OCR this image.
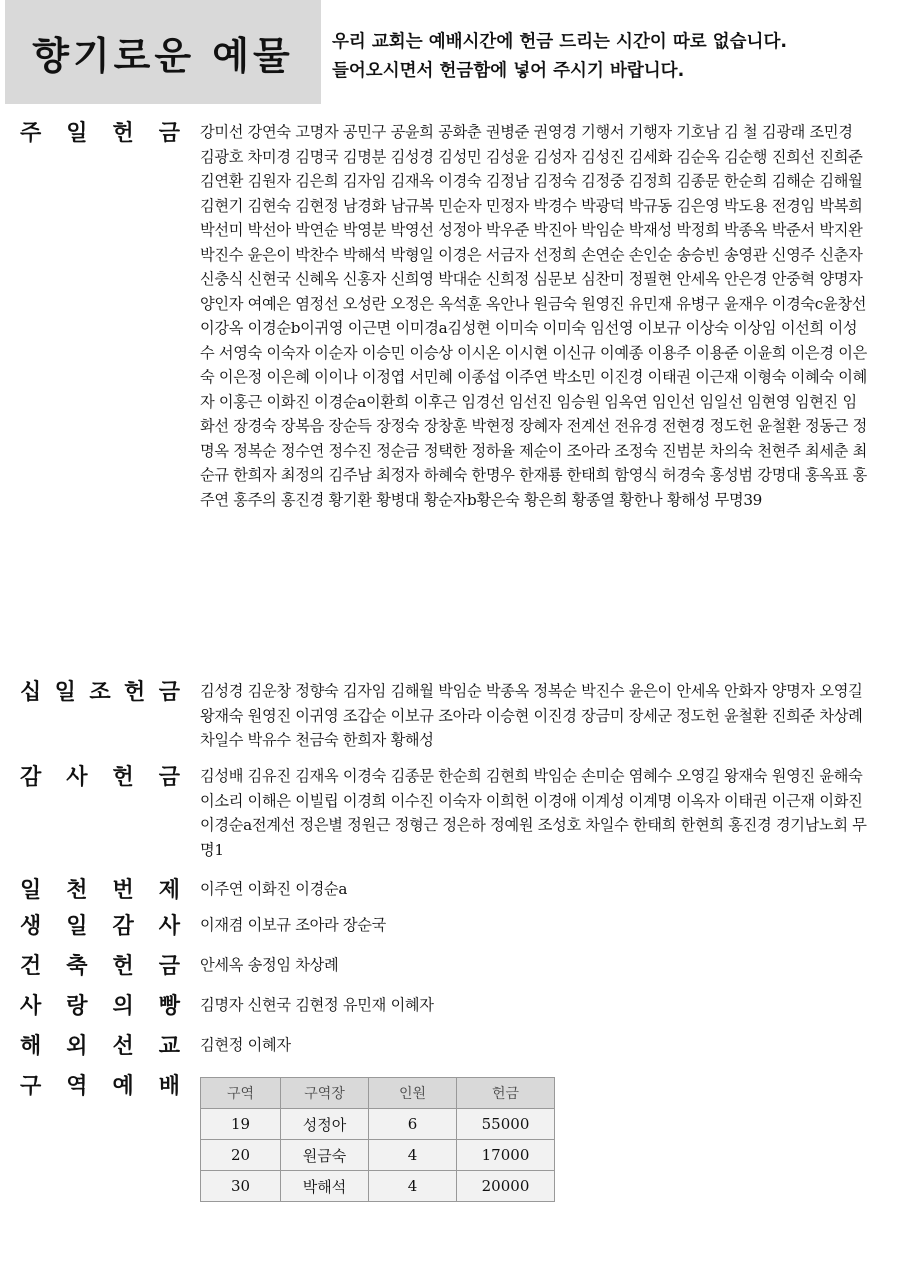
향기로운 예물 우리 교회는 예배시간에 헌금 드리는 시간이 따로 없습니다.
들어오시면서 헌금함에 넣어 주시기 바랍니다.
주 일 헌 금 강미선 강연숙 고명자 공민구 공윤희 공화춘 권병준 권영경 기행서 기행자 기호남 김 철 김광래 조민경 김광호 차미경 김명국 김명분 김성경 김성민 김성윤 김성자 김성진 김세화 김순옥 김순행 진희선 진희준 김연환 김원자 김은희 김자임 김재옥 이경숙 김정남 김정숙 김정중 김정희 김종문 한순희 김해순 김해월 김현기 김현숙 김현정 남경화 남규복 민순자 민정자 박경수 박광덕 박규동 김은영 박도용 전경임 박복희 박선미 박선아 박연순 박영분 박영선 성정아 박우준 박진아 박임순 박재성 박정희 박종옥 박준서 박지완 박진수 윤은이 박찬수 박해석 박형일 이경은 서금자 선정희 손연순 손인순 송승빈 송영관 신영주 신춘자 신충식 신현국 신혜옥 신홍자 신희영 박대순 신희정 심문보 심찬미 정필현 안세옥 안은경 안중혁 양명자 양인자 여예은 염정선 오성란 오정은 옥석훈 옥안나 원금숙 원영진 유민재 유병구 윤재우 이경숙c윤창선 이강옥 이경순b이귀영 이근면 이미경a김성현 이미숙 이미숙 임선영 이보규 이상숙 이상임 이선희 이성수 서영숙 이숙자 이순자 이승민 이승상 이시온 이시현 이신규 이예종 이용주 이용준 이윤희 이은경 이은숙 이은정 이은혜 이이나 이정엽 서민혜 이종섭 이주연 박소민 이진경 이태권 이근재 이형숙 이혜숙 이혜자 이홍근 이화진 이경순a이환희 이후근 임경선 임선진 임승원 임옥연 임인선 임일선 임현영 임현진 임화선 장경숙 장복음 장순득 장정숙 장창훈 박현정 장혜자 전계선 전유경 전현경 정도헌 윤철환 정동근 정명옥 정복순 정수연 정수진 정순금 정택한 정하율 제순이 조아라 조정숙 진범분 차의숙 천현주 최세춘 최순규 한희자 최정의 김주남 최정자 하혜숙 한명우 한재룡 한태희 함영식 허경숙 홍성범 강명대 홍옥표 홍주연 홍주의 홍진경 황기환 황병대 황순자b황은숙 황은희 황종열 황한나 황해성 무명39
십 일 조 헌 금 김성경 김운창 정향숙 김자임 김해월 박임순 박종옥 정복순 박진수 윤은이 안세옥 안화자 양명자 오영길 왕재숙 원영진 이귀영 조갑순 이보규 조아라 이승현 이진경 장금미 장세군 정도헌 윤철환 진희준 차상례 차일수 박유수 천금숙 한희자 황해성
감 사 헌 금 김성배 김유진 김재옥 이경숙 김종문 한순희 김현희 박임순 손미순 염혜수 오영길 왕재숙 원영진 윤해숙 이소리 이해은 이빌립 이경희 이수진 이숙자 이희헌 이경애 이계성 이계명 이옥자 이태권 이근재 이화진 이경순a전계선 정은별 정원근 정형근 정은하 정예원 조성호 차일수 한태희 한현희 홍진경 경기남노회 무명1
일 천 번 제 이주연 이화진 이경순a
생 일 감 사 이재겸 이보규 조아라 장순국
건 축 헌 금 안세옥 송정임 차상례
사 랑 의 빵 김명자 신현국 김현정 유민재 이혜자
해 외 선 교 김현정 이혜자
구 역 예 배	구역	구역장	인원	헌금
19	성정아	6	55000
20	원금숙	4	17000
30	박해석	4	20000
